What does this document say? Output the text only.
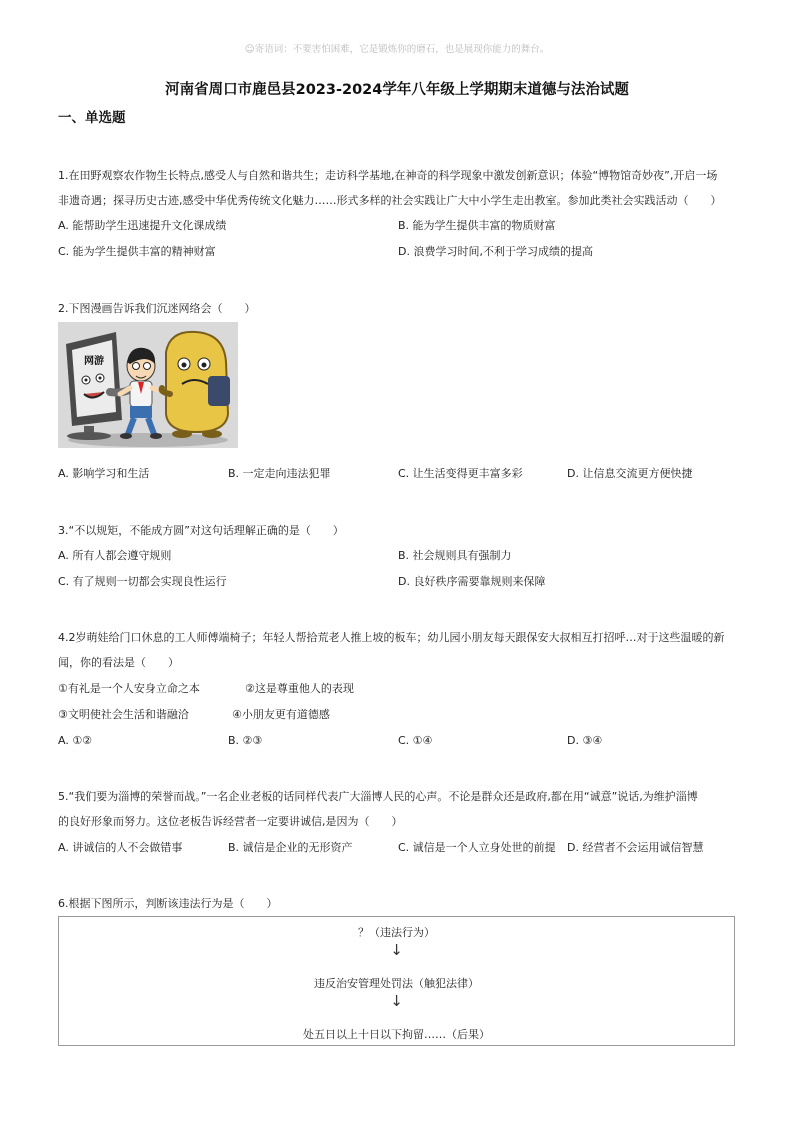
☺寄语词：不要害怕困难，它是锻炼你的磨石，也是展现你能力的舞台。
河南省周口市鹿邑县2023-2024学年八年级上学期期末道德与法治试题
一、单选题
1.在田野观察农作物生长特点,感受人与自然和谐共生；走访科学基地,在神奇的科学现象中激发创新意识；体验“博物馆奇妙夜”,开启一场
非遗奇遇；探寻历史古迹,感受中华优秀传统文化魅力……形式多样的社会实践让广大中小学生走出教室。参加此类社会实践活动（　　）
A. 能帮助学生迅速提升文化课成绩	B. 能为学生提供丰富的物质财富
C. 能为学生提供丰富的精神财富	D. 浪费学习时间,不利于学习成绩的提高
2.下图漫画告诉我们沉迷网络会（　　）
网游
A. 影响学习和生活	B. 一定走向违法犯罪	C. 让生活变得更丰富多彩	D. 让信息交流更方便快捷
3.“不以规矩，不能成方圆”对这句话理解正确的是（　　）
A. 所有人都会遵守规则	B. 社会规则具有强制力
C. 有了规则一切都会实现良性运行	D. 良好秩序需要靠规则来保障
4.2岁萌娃给门口休息的工人师傅端椅子；年轻人帮拾荒老人推上坡的板车；幼儿园小朋友每天跟保安大叔相互打招呼…对于这些温暖的新
闻，你的看法是（　　）
①有礼是一个人安身立命之本	②这是尊重他人的表现
③文明使社会生活和谐融洽	④小朋友更有道德感
A. ①②	B. ②③	C. ①④	D. ③④
5.“我们要为淄博的荣誉而战。”一名企业老板的话同样代表广大淄博人民的心声。不论是群众还是政府,都在用“诚意”说话,为维护淄博
的良好形象而努力。这位老板告诉经营者一定要讲诚信,是因为（　　）
A. 讲诚信的人不会做错事	B. 诚信是企业的无形资产	C. 诚信是一个人立身处世的前提 D. 经营者不会运用诚信智慧
6.根据下图所示，判断该违法行为是（　　）
？（违法行为）
↓
违反治安管理处罚法（触犯法律）
↓
处五日以上十日以下拘留……（后果）
